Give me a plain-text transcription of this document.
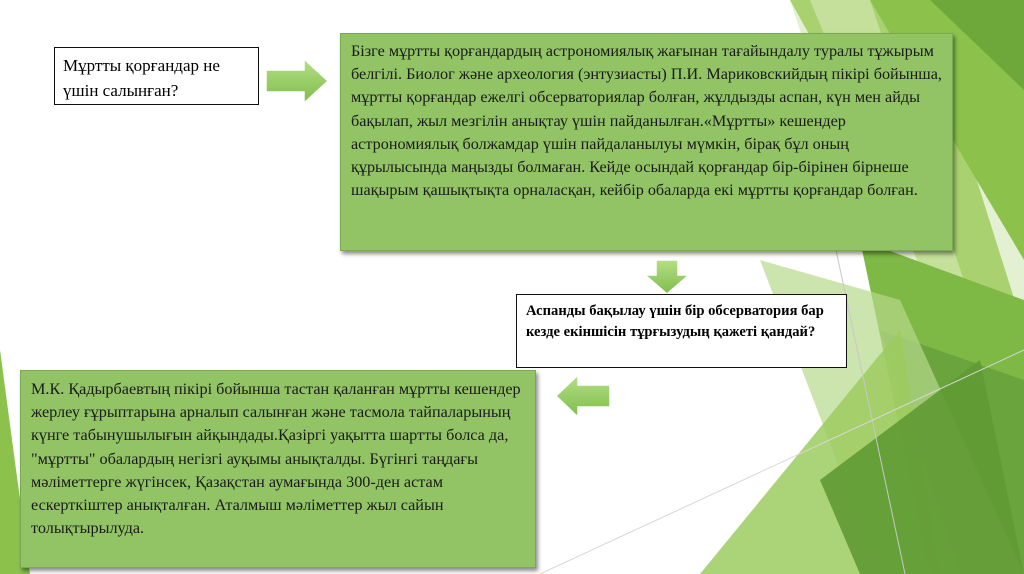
Мұртты қорғандар не үшін салынған?
Бізге мұртты қорғандардың астрономиялық жағынан тағайындалу туралы тұжырым белгілі. Биолог және археология (энтузиасты) П.И. Мариковскийдың пікірі бойынша, мұртты қорғандар ежелгі обсерваториялар болған, жұлдызды аспан, күн мен айды бақылап, жыл мезгілін анықтау үшін пайданылған.«Мұртты» кешендер астрономиялық болжамдар үшін пайдаланылуы мүмкін, бірақ бұл оның құрылысында маңызды болмаған. Кейде осындай қорғандар бір-бірінен бірнеше шақырым қашықтықта орналасқан, кейбір обаларда екі мұртты қорғандар болған.
Аспанды бақылау үшін бір обсерватория бар кезде екіншісін тұрғызудың қажеті қандай?
М.К. Қадырбаевтың пікірі бойынша тастан қаланған мұртты кешендер жерлеу ғұрыптарына арналып салынған және тасмола тайпаларының күнге табынушылығын айқындады.Қазіргі уақытта шартты болса да, "мұртты" обалардың негізгі ауқымы анықталды. Бүгінгі таңдағы мәліметтерге жүгінсек, Қазақстан аумағында 300-ден астам ескерткіштер анықталған. Аталмыш мәліметтер жыл сайын толықтырылуда.
